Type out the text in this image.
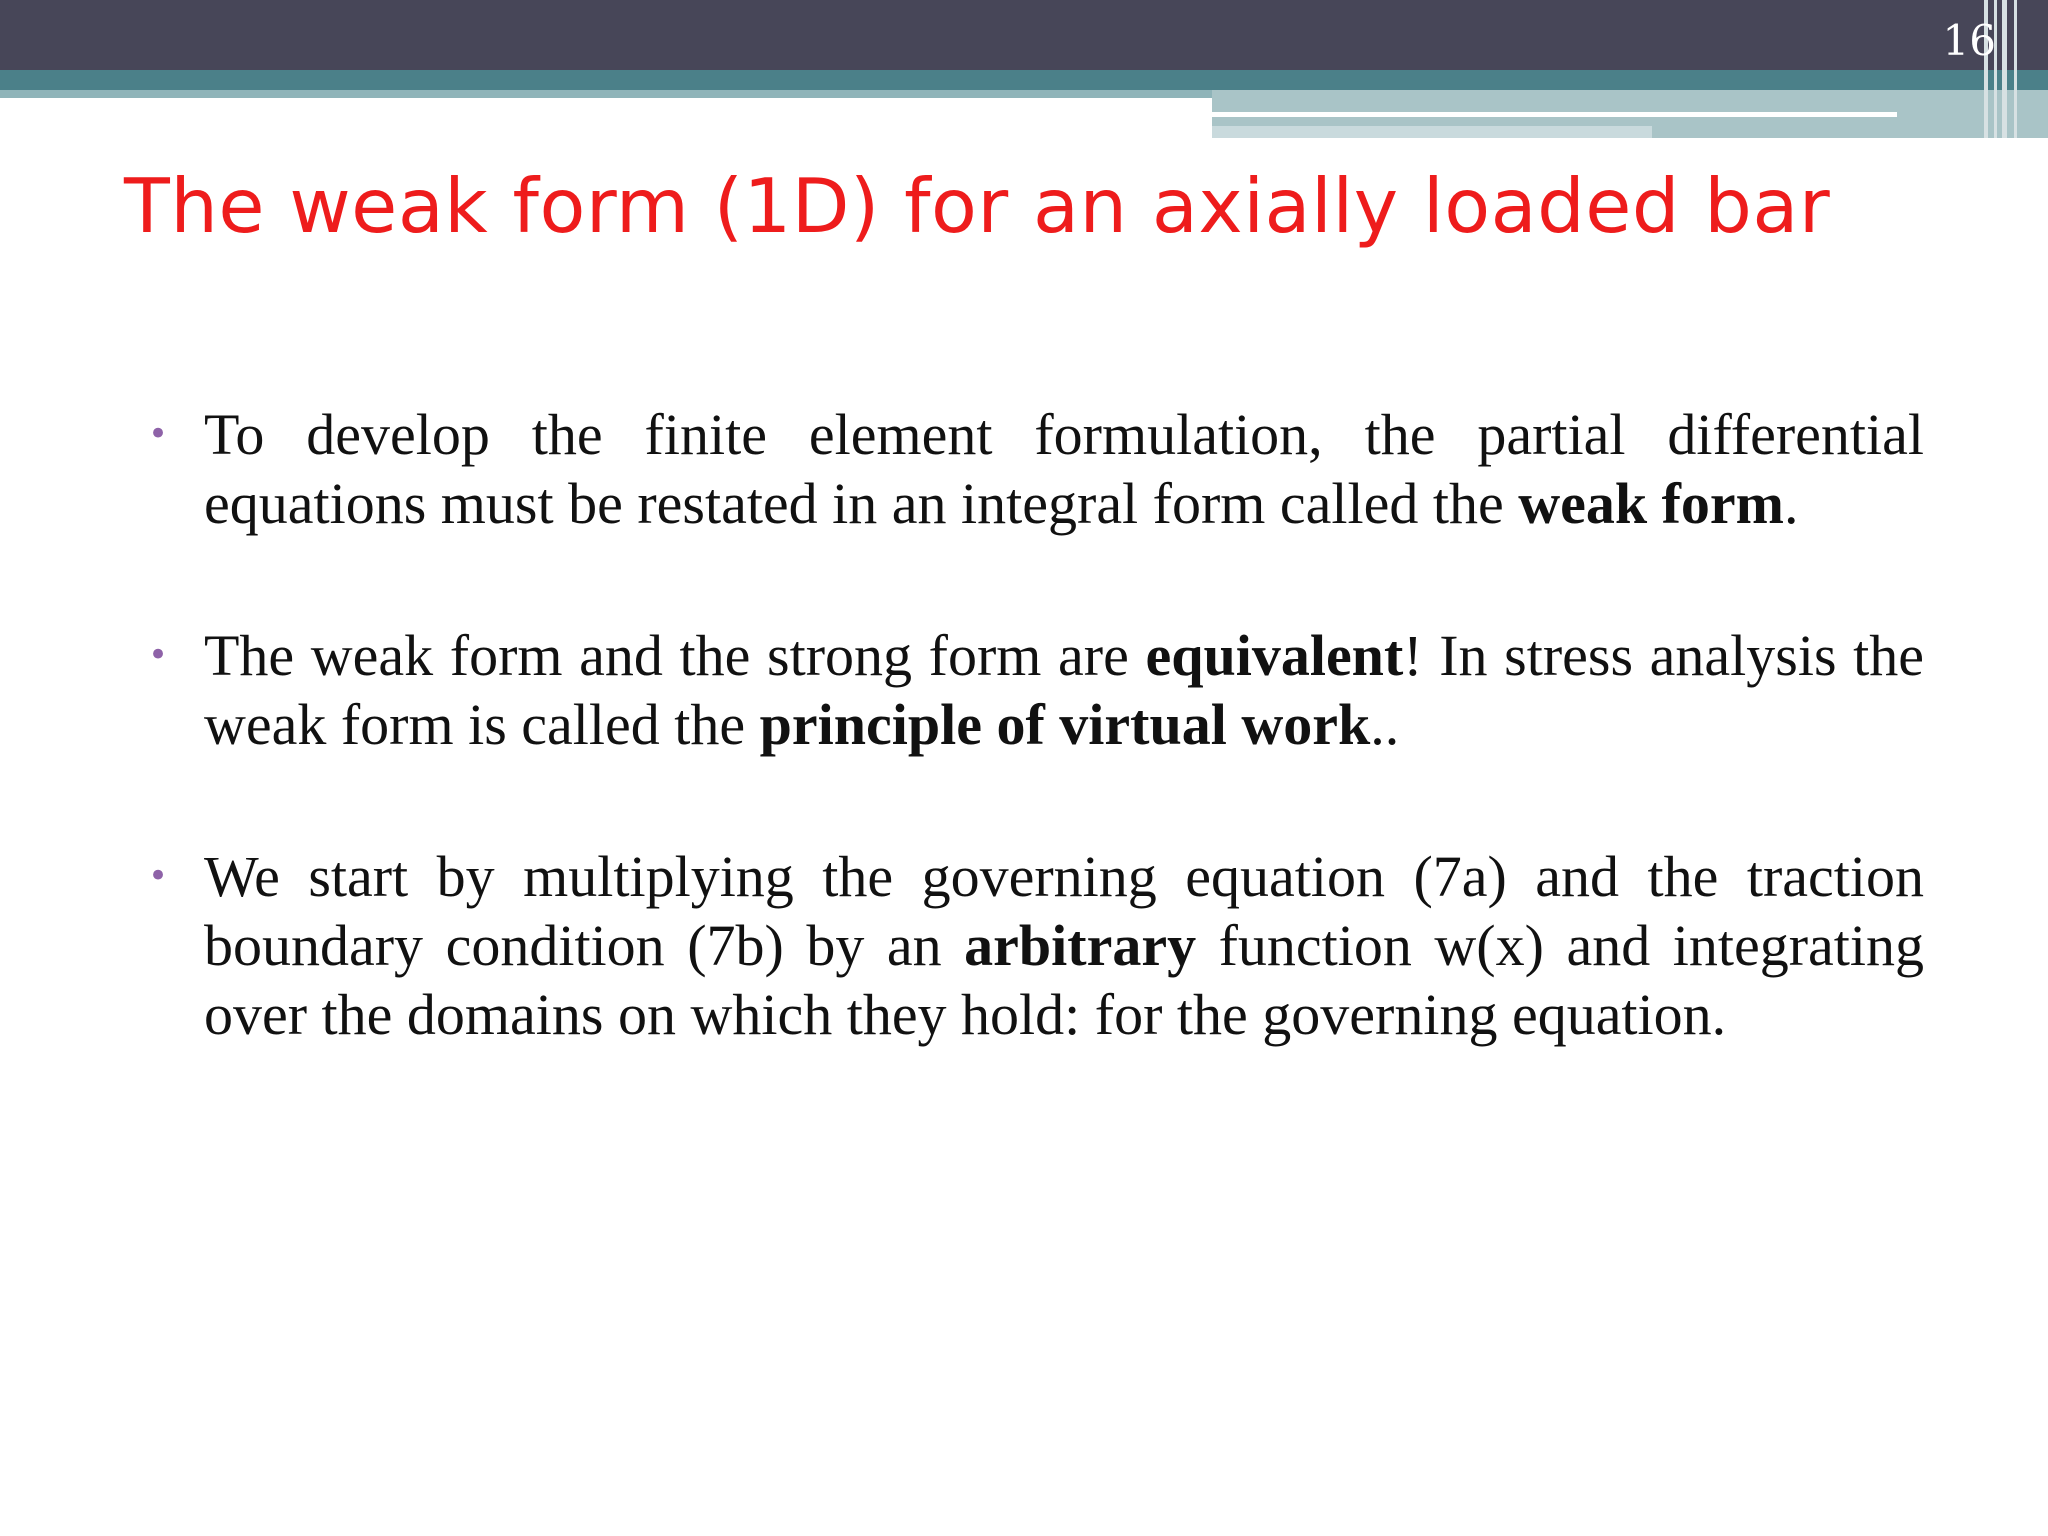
16
The weak form (1D) for an axially loaded bar
• To develop the finite element formulation, the partial differential equations must be restated in an integral form called the weak form.
• The weak form and the strong form are equivalent! In stress analysis the weak form is called the principle of virtual work..
• We start by multiplying the governing equation (7a) and the traction boundary condition (7b) by an arbitrary function w(x) and integrating over the domains on which they hold: for the governing equation.
